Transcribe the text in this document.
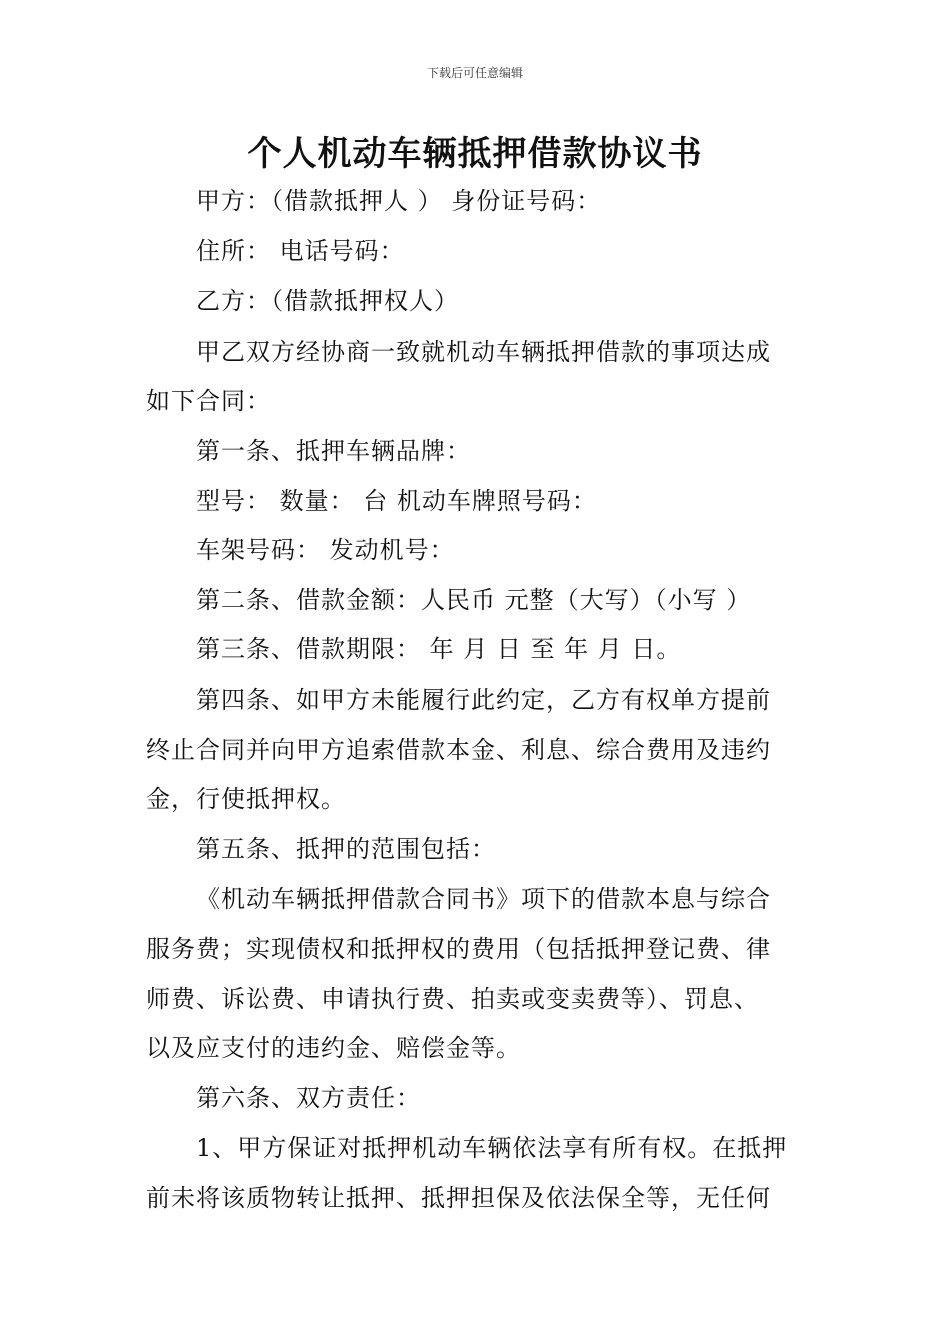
下载后可任意编辑
个人机动车辆抵押借款协议书
甲方：（借款抵押人 ） 身份证号码：
住所： 电话号码：
乙方：（借款抵押权人）
甲乙双方经协商一致就机动车辆抵押借款的事项达成
如下合同：
第一条、抵押车辆品牌：
型号： 数量： 台 机动车牌照号码：
车架号码： 发动机号：
第二条、借款金额：人民币 元整（大写）（小写 ）
第三条、借款期限： 年 月 日 至 年 月 日。
第四条、如甲方未能履行此约定，乙方有权单方提前
终止合同并向甲方追索借款本金、利息、综合费用及违约
金，行使抵押权。
第五条、抵押的范围包括：
《机动车辆抵押借款合同书》项下的借款本息与综合
服务费；实现债权和抵押权的费用（包括抵押登记费、律
师费、诉讼费、申请执行费、拍卖或变卖费等）、罚息、
以及应支付的违约金、赔偿金等。
第六条、双方责任：
1、甲方保证对抵押机动车辆依法享有所有权。在抵押
前未将该质物转让抵押、抵押担保及依法保全等，无任何
